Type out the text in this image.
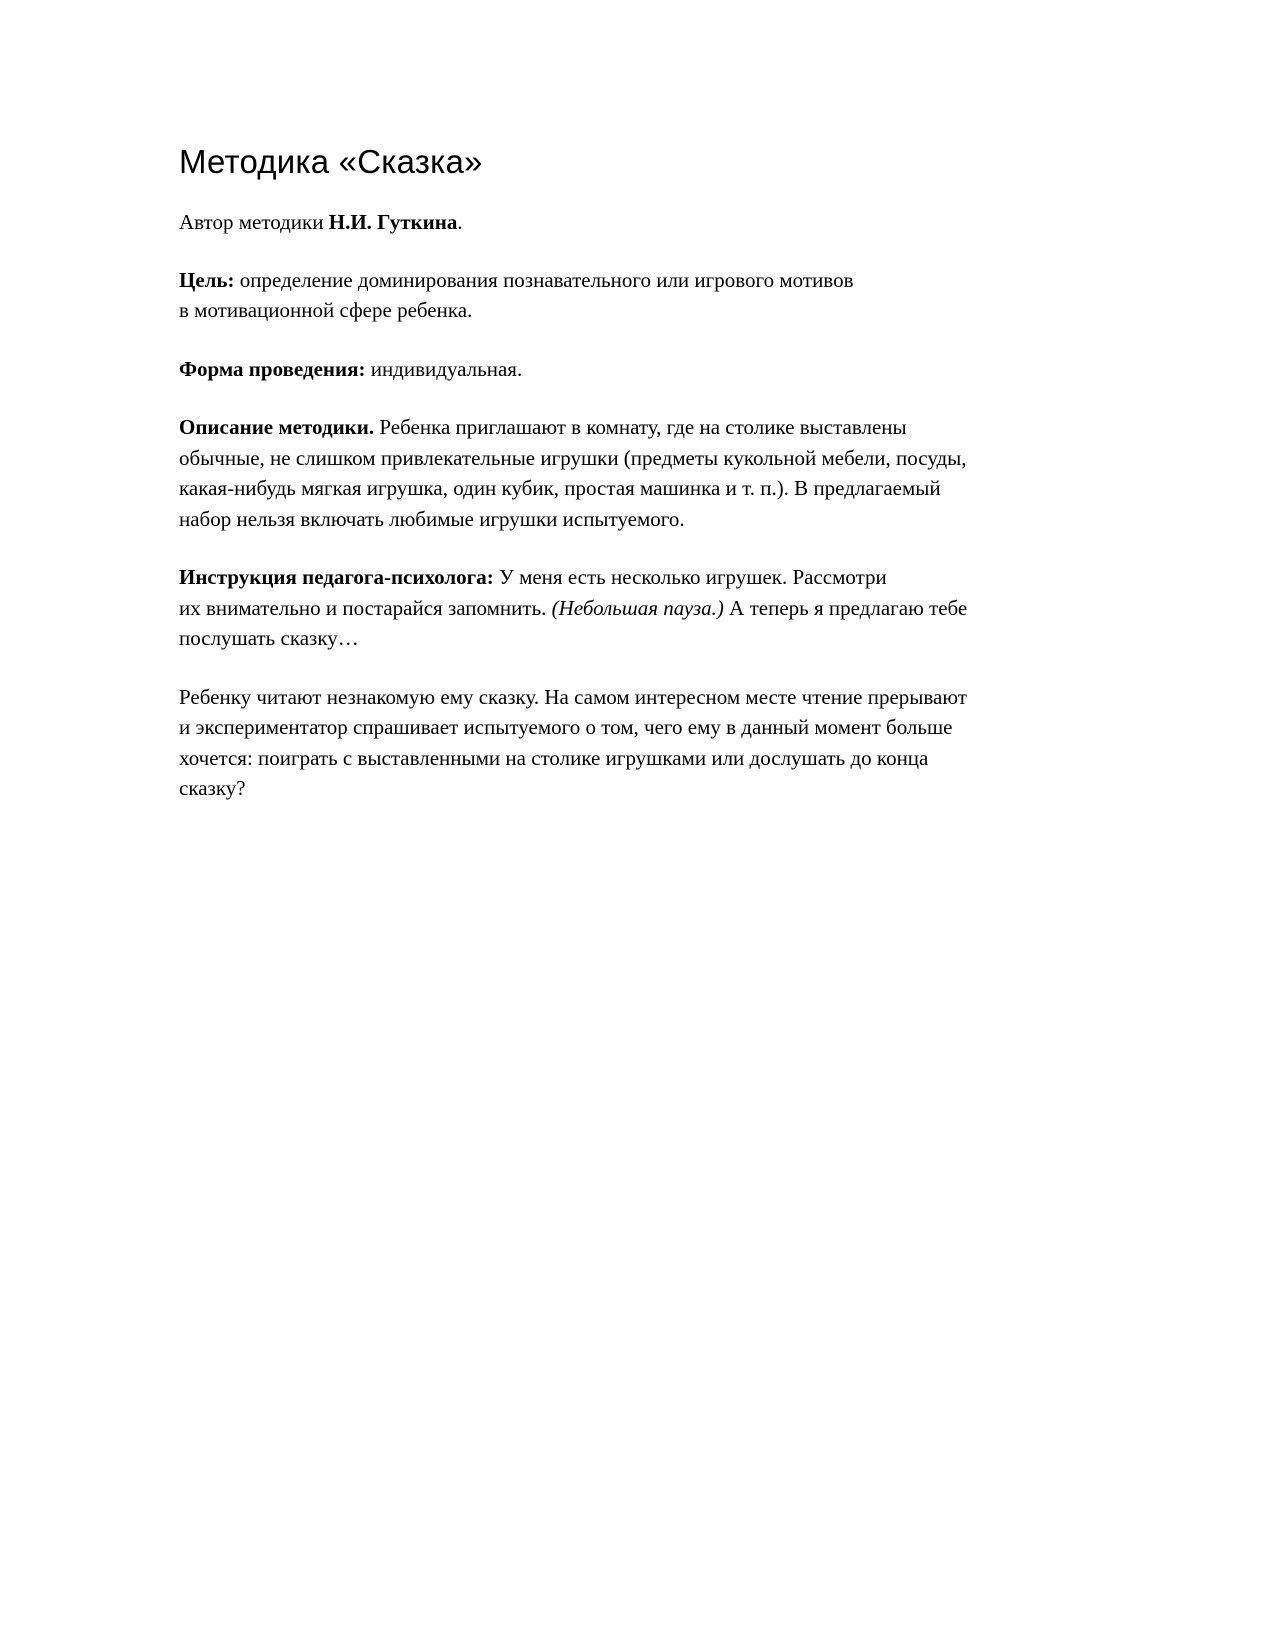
Методика «Сказка»

Автор методики Н.И. Гуткина.

Цель: определение доминирования познавательного или игрового мотивов
в мотивационной сфере ребенка.

Форма проведения: индивидуальная.

Описание методики. Ребенка приглашают в комнату, где на столике выставлены
обычные, не слишком привлекательные игрушки (предметы кукольной мебели, посуды,
какая-нибудь мягкая игрушка, один кубик, простая машинка и т. п.). В предлагаемый
набор нельзя включать любимые игрушки испытуемого.

Инструкция педагога-психолога: У меня есть несколько игрушек. Рассмотри
их внимательно и постарайся запомнить. (Небольшая пауза.) А теперь я предлагаю тебе
послушать сказку…

Ребенку читают незнакомую ему сказку. На самом интересном месте чтение прерывают
и экспериментатор спрашивает испытуемого о том, чего ему в данный момент больше
хочется: поиграть с выставленными на столике игрушками или дослушать до конца
сказку?
